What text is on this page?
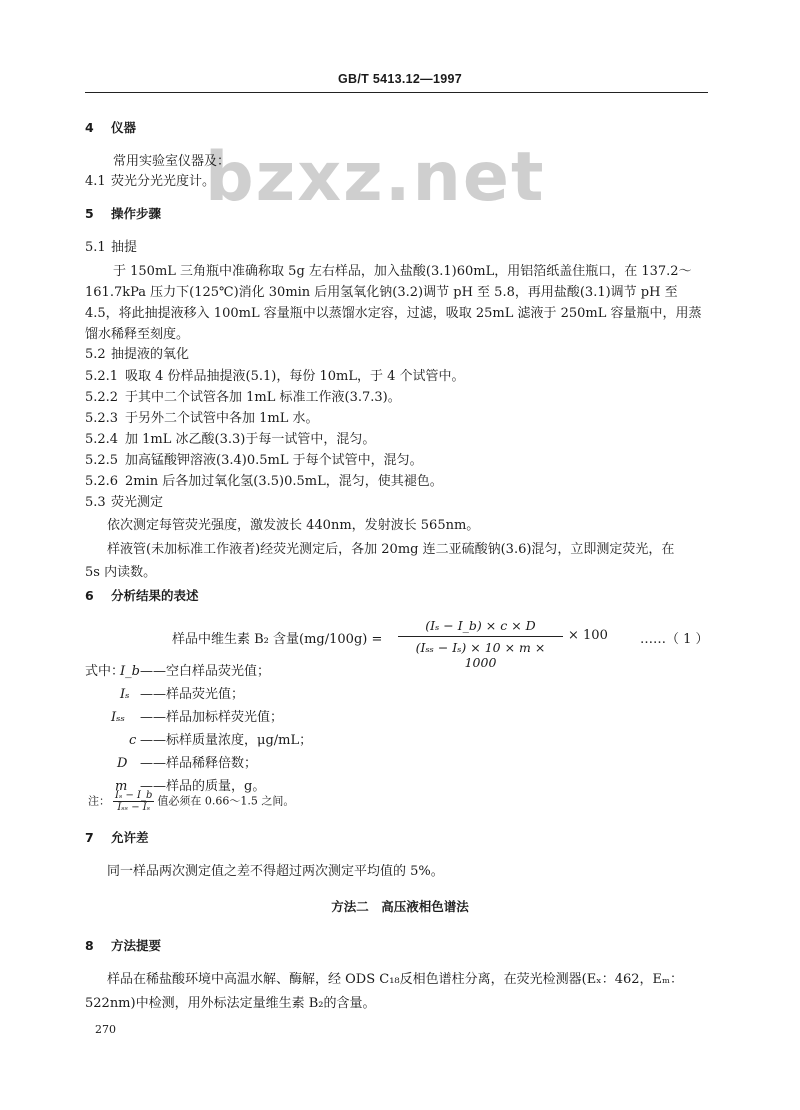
GB/T 5413.12—1997
bzxz.net
4 仪器
常用实验室仪器及：
4.1 荧光分光光度计。
5 操作步骤
5.1 抽提
于 150mL 三角瓶中准确称取 5g 左右样品，加入盐酸(3.1)60mL，用铝箔纸盖住瓶口，在 137.2～
161.7kPa 压力下(125℃)消化 30min 后用氢氧化钠(3.2)调节 pH 至 5.8，再用盐酸(3.1)调节 pH 至
4.5，将此抽提液移入 100mL 容量瓶中以蒸馏水定容，过滤，吸取 25mL 滤液于 250mL 容量瓶中，用蒸
馏水稀释至刻度。
5.2 抽提液的氧化
5.2.1 吸取 4 份样品抽提液(5.1)，每份 10mL，于 4 个试管中。
5.2.2 于其中二个试管各加 1mL 标准工作液(3.7.3)。
5.2.3 于另外二个试管中各加 1mL 水。
5.2.4 加 1mL 冰乙酸(3.3)于每一试管中，混匀。
5.2.5 加高锰酸钾溶液(3.4)0.5mL 于每个试管中，混匀。
5.2.6 2min 后各加过氧化氢(3.5)0.5mL，混匀，使其褪色。
5.3 荧光测定
依次测定每管荧光强度，激发波长 440nm，发射波长 565nm。
样液管(未加标准工作液者)经荧光测定后，各加 20mg 连二亚硫酸钠(3.6)混匀，立即测定荧光，在
5s 内读数。
6 分析结果的表述
样品中维生素 B₂ 含量(mg/100g) =
(Iₛ − I_b) × c × D
(Iₛₛ − Iₛ) × 10 × m × 1000
× 100 ……（ 1 ）
式中：
I_b——空白样品荧光值；
Iₛ ——样品荧光值；
Iₛₛ ——样品加标样荧光值；
c ——标样质量浓度，μg/mL；
D ——样品稀释倍数；
m ——样品的质量，g。
注： $\frac{\text{Iₛ − I\_b}}{\text{Iₛₛ − Iₛ}}$ 值必须在 0.66～1.5 之间。
7 允许差
同一样品两次测定值之差不得超过两次测定平均值的 5%。
方法二　高压液相色谱法
8 方法提要
样品在稀盐酸环境中高温水解、酶解，经 ODS C₁₈反相色谱柱分离，在荧光检测器(Eₓ：462，Eₘ：
522nm)中检测，用外标法定量维生素 B₂的含量。
270
